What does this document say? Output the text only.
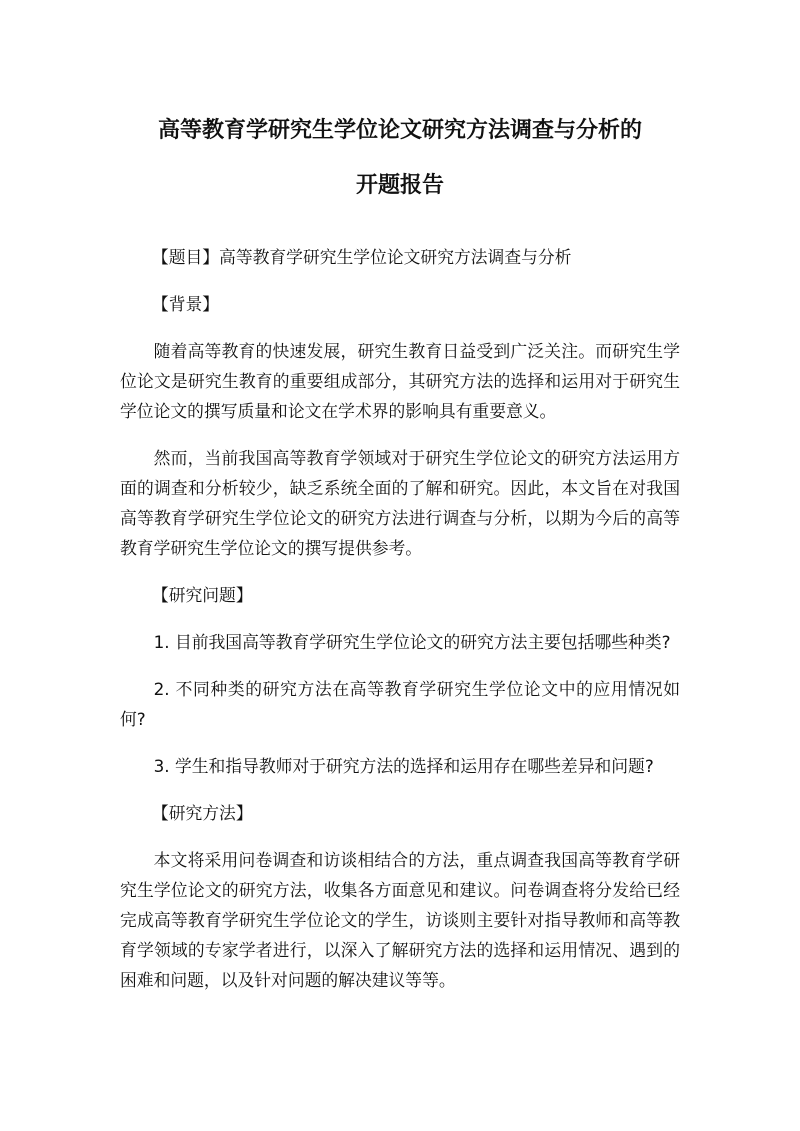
高等教育学研究生学位论文研究方法调查与分析的
开题报告

【题目】高等教育学研究生学位论文研究方法调查与分析

【背景】

随着高等教育的快速发展，研究生教育日益受到广泛关注。而研究生学位论文是研究生教育的重要组成部分，其研究方法的选择和运用对于研究生学位论文的撰写质量和论文在学术界的影响具有重要意义。

然而，当前我国高等教育学领域对于研究生学位论文的研究方法运用方面的调查和分析较少，缺乏系统全面的了解和研究。因此，本文旨在对我国高等教育学研究生学位论文的研究方法进行调查与分析，以期为今后的高等教育学研究生学位论文的撰写提供参考。

【研究问题】

1. 目前我国高等教育学研究生学位论文的研究方法主要包括哪些种类?

2. 不同种类的研究方法在高等教育学研究生学位论文中的应用情况如何?

3. 学生和指导教师对于研究方法的选择和运用存在哪些差异和问题?

【研究方法】

本文将采用问卷调查和访谈相结合的方法，重点调查我国高等教育学研究生学位论文的研究方法，收集各方面意见和建议。问卷调查将分发给已经完成高等教育学研究生学位论文的学生，访谈则主要针对指导教师和高等教育学领域的专家学者进行，以深入了解研究方法的选择和运用情况、遇到的困难和问题，以及针对问题的解决建议等等。
